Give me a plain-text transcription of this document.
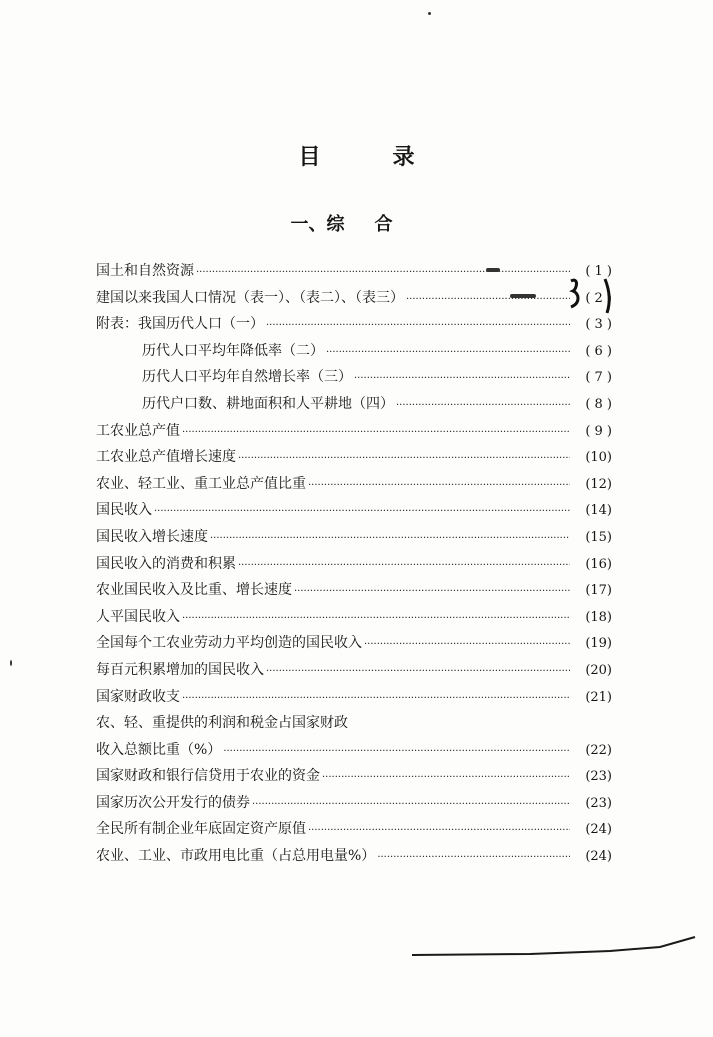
目录
一、综合
国土和自然资源 ·····	( 1 )
建国以来我国人口情况（表一）、（表二）、（表三） ·····	( 2 )
附表：我国历代人口（一） ·····	( 3 )
历代人口平均年降低率（二） ·····	( 6 )
历代人口平均年自然增长率（三） ·····	( 7 )
历代户口数、耕地面积和人平耕地（四） ·····	( 8 )
工农业总产值 ·····	( 9 )
工农业总产值增长速度 ·····	(10)
农业、轻工业、重工业总产值比重 ·····	(12)
国民收入 ·····	(14)
国民收入增长速度 ·····	(15)
国民收入的消费和积累 ·····	(16)
农业国民收入及比重、增长速度 ·····	(17)
人平国民收入 ·····	(18)
全国每个工农业劳动力平均创造的国民收入 ·····	(19)
每百元积累增加的国民收入 ·····	(20)
国家财政收支 ·····	(21)
农、轻、重提供的利润和税金占国家财政
收入总额比重（%） ·····	(22)
国家财政和银行信贷用于农业的资金 ·····	(23)
国家历次公开发行的债券 ·····	(23)
全民所有制企业年底固定资产原值 ·····	(24)
农业、工业、市政用电比重（占总用电量%） ·····	(24)
